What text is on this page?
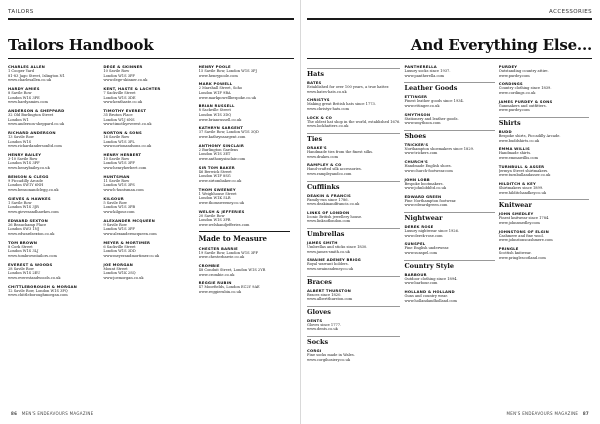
TAILORS
Tailors Handbook
CHARLES ALLEN
1 Cooper Yard
81-83 Jago Street, Islington N1
www.charlesallen.co.uk
HARDY AMIES
8 Savile Row
London W1S 3PE
www.hardyamies.com
ANDERSON & SHEPPARD
32 Old Burlington Street
London W1
www.anderson-sheppard.co.uk
RICHARD ANDERSON
13 Savile Row
London W1S
www.richardandersonltd.com
HENRY BAILEY
3-10 Savile Row
London W1S 3PF
www.henrybailey.co.uk
BENSON & CLEGG
9 Piccadilly Arcade
London SW1Y 6NH
www.bensonandclegg.co.uk
GIEVES & HAWKES
1 Savile Row
London W1S 3JR
www.gievesandhawkes.com
EDWARD SEXTON
26 Beauchamp Place
London SW3 1NJ
www.edwardsexton.co.uk
TOM BROWN
8 Cork Street
London W1S 3LJ
www.tombrowntailors.com
EVEREST & WOODS
28 Savile Row
London W1S 2EU
www.everestandwoods.co.uk
CHITTLEBOROUGH & MORGAN
12 Savile Row, London W1S 3PQ
www.chittleboroughmorgan.com
DEGE & SKINNER
10 Savile Row
London W1S 3PF
www.dege-skinner.co.uk
KENT, HASTE & LACHTER
7 Sackville Street
London W1S 3DE
www.kenthaste.co.uk
TIMOTHY EVEREST
35 Bruton Place
London W1J 6NS
www.timothyeverest.co.uk
NORTON & SONS
16 Savile Row
London W1S 3PL
www.nortonandsons.co.uk
HENRY HERBERT
10 Savile Row
London W1S 3PF
www.henryherbert.com
HUNTSMAN
11 Savile Row
London W1S 3PS
www.h-huntsman.com
KILGOUR
5 Savile Row
London W1S 3PB
www.kilgour.com
ALEXANDER MCQUEEN
9 Savile Row
London W1S 3PF
www.alexandermcqueen.com
MEYER & MORTIMER
6 Sackville Street
London W1S 3DD
www.meyerandmortimer.co.uk
JOE MORGAN
Mount Street
London W1K 2SQ
www.joemorgan.co.uk
HENRY POOLE
15 Savile Row, London W1S 3PJ
www.henrypoole.com
MARK POWELL
2 Marshall Street, Soho
London W1F 9BA
www.markpowellbespoke.co.uk
BRIAN RUSSELL
8 Sackville Street
London W1S 3DQ
www.brianrussell.co.uk
KATHRYN SARGENT
37 Savile Row, London W1S 3QD
www.kathrynsargent.com
ANTHONY SINCLAIR
2 Burlington Gardens
London W1S 3ET
www.anthonysinclair.com
SIR TOM BAKER
46 Berwick Street
London W1F 8SG
www.sirtombaker.co.uk
THOM SWEENEY
1 Weighhouse Street
London W1K 5LR
www.thomsweeney.co.uk
WELSH & JEFFERIES
20 Savile Row
London W1S 3PR
www.welshandjefferies.com
Made to Measure
CHESTER BARRIE
19 Savile Row, London W1S 3PF
www.chesterbarrie.co.uk
CROMBIE
48 Conduit Street, London W1S 2YR
www.crombie.co.uk
REGGIE RUBIN
47 Moorfields, London EC2Y 9AE
www.reggierubin.co.uk
86 MEN'S ENDEAVOURS MAGAZINE
ACCESSORIES
And Everything Else...
Hats
BATES
Established for over 100 years, a true hatter.
www.bates-hats.co.uk
CHRISTYS
Making great British hats since 1773.
www.christys-hats.com
LOCK & CO
The oldest hat shop in the world, established 1676.
www.lockhatters.co.uk
Ties
DRAKE'S
Handmade ties from the finest silks.
www.drakes.com
RAMPLEY & CO
Hand-crafted silk accessories.
www.rampleyandco.com
Cufflinks
DEAKIN & FRANCIS
Family-run since 1786.
www.deakinandfrancis.co.uk
LINKS OF LONDON
Iconic British jewellery house.
www.linksoflondon.com
Umbrellas
JAMES SMITH
Umbrellas and sticks since 1830.
www.james-smith.co.uk
SWAINE ADENEY BRIGG
Royal warrant holders.
www.swaineadeney.co.uk
Braces
ALBERT THURSTON
Braces since 1820.
www.albertthurston.com
Gloves
DENTS
Gloves since 1777.
www.dents.co.uk
Socks
CORGI
Fine socks made in Wales.
www.corgihosiery.co.uk
PANTHERELLA
Luxury socks since 1937.
www.pantherella.com
Leather Goods
ETTINGER
Finest leather goods since 1934.
www.ettinger.co.uk
SMYTHSON
Stationery and leather goods.
www.smythson.com
Shoes
TRICKER'S
Northampton shoemakers since 1829.
www.trickers.com
CHURCH'S
Handmade English shoes.
www.church-footwear.com
JOHN LOBB
Bespoke bootmakers.
www.johnlobbltd.co.uk
EDWARD GREEN
Fine Northampton footwear.
www.edwardgreen.com
Nightwear
DEREK ROSE
Luxury nightwear since 1926.
www.derek-rose.com
SUNSPEL
Fine English underwear.
www.sunspel.com
Country Style
BARBOUR
Outdoor clothing since 1894.
www.barbour.com
HOLLAND & HOLLAND
Guns and country wear.
www.hollandandholland.com
PURDEY
Outstanding country attire.
www.purdey.com
CORDINGS
Country clothing since 1839.
www.cordings.co.uk
JAMES PURDEY & SONS
Gunmakers and outfitters.
www.purdey.com
Shirts
BUDD
Bespoke shirts, Piccadilly Arcade.
www.buddshirts.co.uk
EMMA WILLIS
Handmade shirts.
www.emmawillis.com
TURNBULL & ASSER
Jermyn Street shirtmakers.
www.turnbullandasser.co.uk
HILDITCH & KEY
Shirtmakers since 1899.
www.hilditchandkey.co.uk
Knitwear
JOHN SMEDLEY
Finest knitwear since 1784.
www.johnsmedley.com
JOHNSTONS OF ELGIN
Cashmere and fine wool.
www.johnstonscashmere.com
PRINGLE
Scottish knitwear.
www.pringlescotland.com
MEN'S ENDEAVOURS MAGAZINE 87
